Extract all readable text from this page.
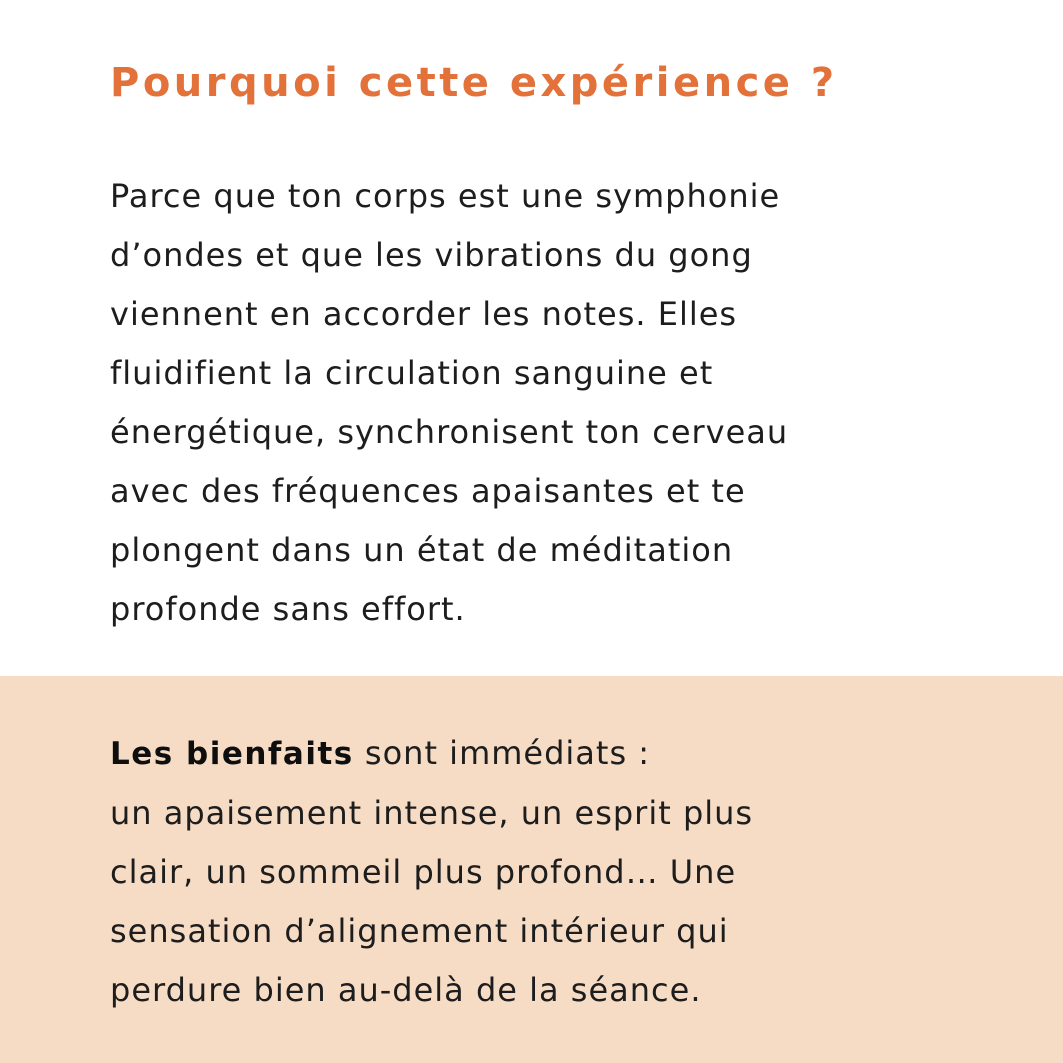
Pourquoi cette expérience ?

Parce que ton corps est une symphonie
d’ondes et que les vibrations du gong
viennent en accorder les notes. Elles
fluidifient la circulation sanguine et
énergétique, synchronisent ton cerveau
avec des fréquences apaisantes et te
plongent dans un état de méditation
profonde sans effort.

Les bienfaits sont immédiats :
un apaisement intense, un esprit plus
clair, un sommeil plus profond… Une
sensation d’alignement intérieur qui
perdure bien au-delà de la séance.
